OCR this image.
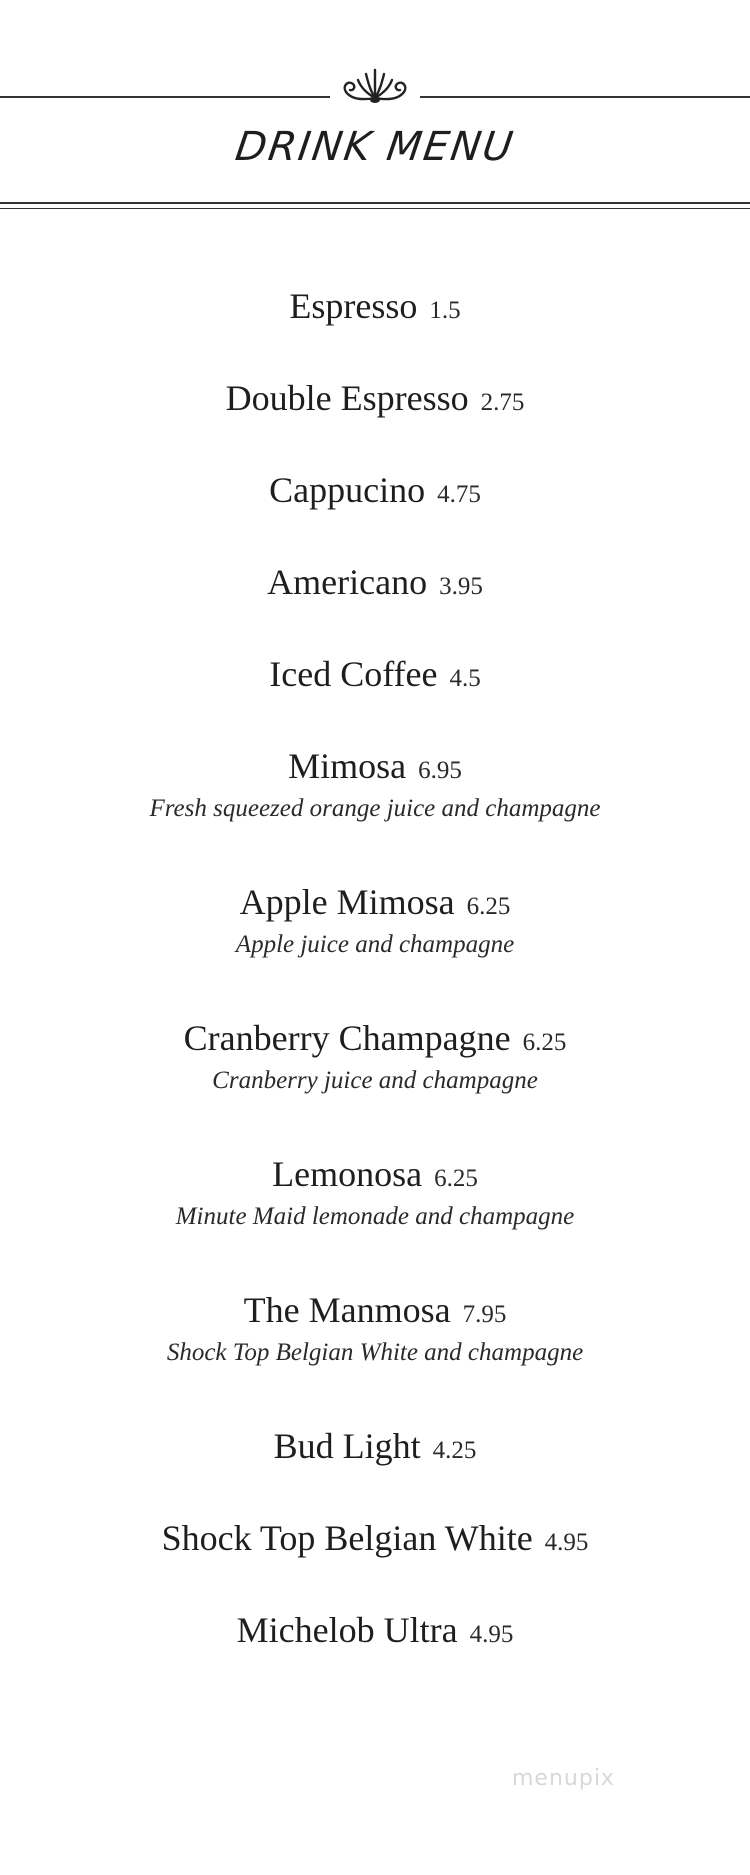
DRINK MENU
Espresso 1.5
Double Espresso 2.75
Cappucino 4.75
Americano 3.95
Iced Coffee 4.5
Mimosa 6.95
Fresh squeezed orange juice and champagne
Apple Mimosa 6.25
Apple juice and champagne
Cranberry Champagne 6.25
Cranberry juice and champagne
Lemonosa 6.25
Minute Maid lemonade and champagne
The Manmosa 7.95
Shock Top Belgian White and champagne
Bud Light 4.25
Shock Top Belgian White 4.95
Michelob Ultra 4.95
menupix
